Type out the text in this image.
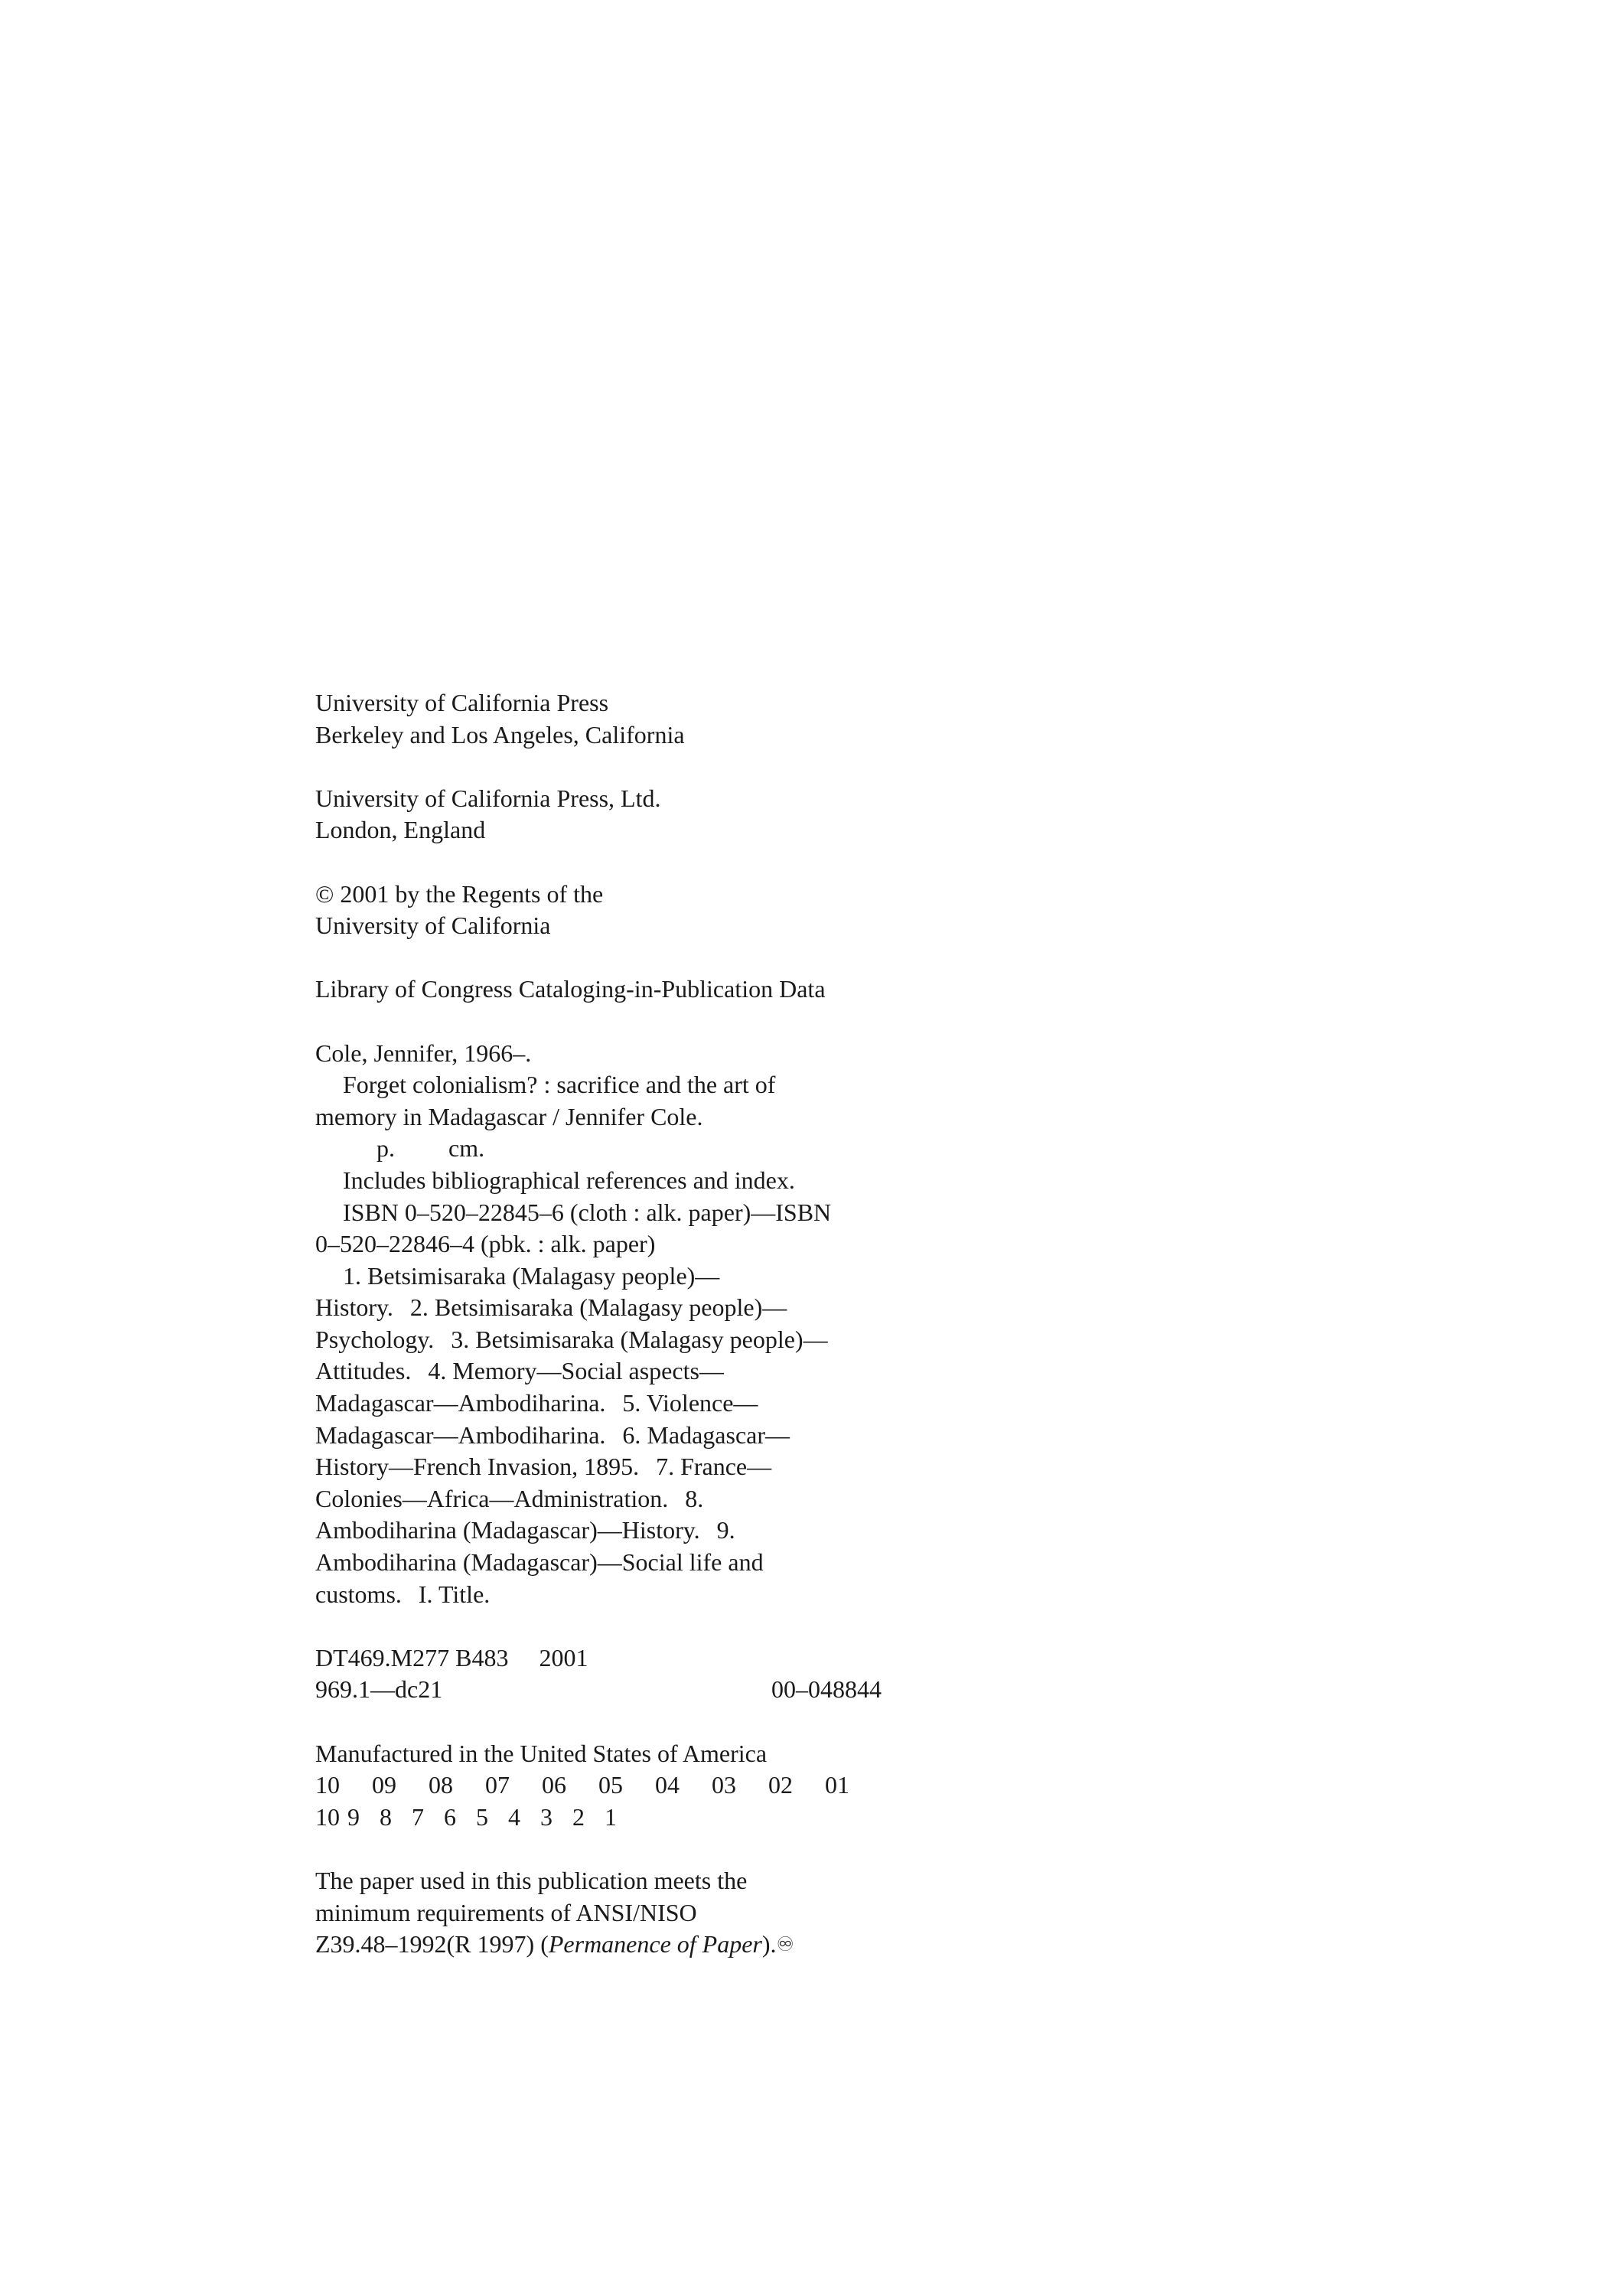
University of California Press
Berkeley and Los Angeles, California
University of California Press, Ltd.
London, England
© 2001 by the Regents of the
University of California
Library of Congress Cataloging-in-Publication Data
Cole, Jennifer, 1966–.
Forget colonialism? : sacrifice and the art of
memory in Madagascar / Jennifer Cole.
p. cm.
Includes bibliographical references and index.
ISBN 0–520–22845–6 (cloth : alk. paper)—ISBN
0–520–22846–4 (pbk. : alk. paper)
1. Betsimisaraka (Malagasy people)—
History. 2. Betsimisaraka (Malagasy people)—
Psychology. 3. Betsimisaraka (Malagasy people)—
Attitudes. 4. Memory—Social aspects—
Madagascar—Ambodiharina. 5. Violence—
Madagascar—Ambodiharina. 6. Madagascar—
History—French Invasion, 1895. 7. France—
Colonies—Africa—Administration. 8.
Ambodiharina (Madagascar)—History. 9.
Ambodiharina (Madagascar)—Social life and
customs. I. Title.
DT469.M277 B483 2001
969.1—dc21	00–048844
Manufactured in the United States of America
10	09	08	07	06	05	04	03	02	01
10 9 8 7 6 5 4 3 2 1
The paper used in this publication meets the
minimum requirements of ANSI/NISO
Z39.48–1992(R 1997) (Permanence of Paper).♾
